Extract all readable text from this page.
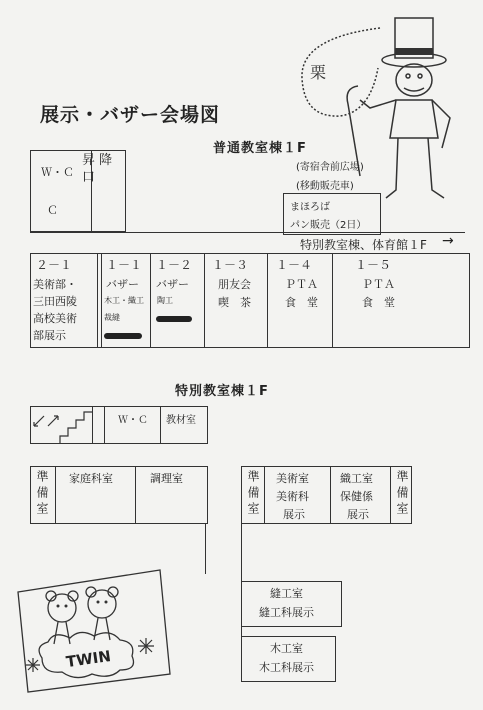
展示・バザー会場図
栗
普通教室棟１F
Ｗ・Ｃ
Ｃ
昇 降 口
(寄宿舎前広場)
(移動販売車)
まほろば
パン販売（2日）
特別教室棟、体育館１F →
２－１
美術部・
三田西陵
高校美術
部展示
１－１
バザー
木工・織工
裁縫
１－２
バザー
陶工
１－３
朋友会
喫　茶
１－４
ＰＴＡ
食　堂
１－５
ＰＴＡ
食　堂
特別教室棟１F
Ｗ・Ｃ 教材室
準備室 家庭科室	調理室	準備室 美術室
美術科
展示
織工室
保健係
展示 準備室
縫工室
縫工科展示
木工室
木工科展示
TWIN
